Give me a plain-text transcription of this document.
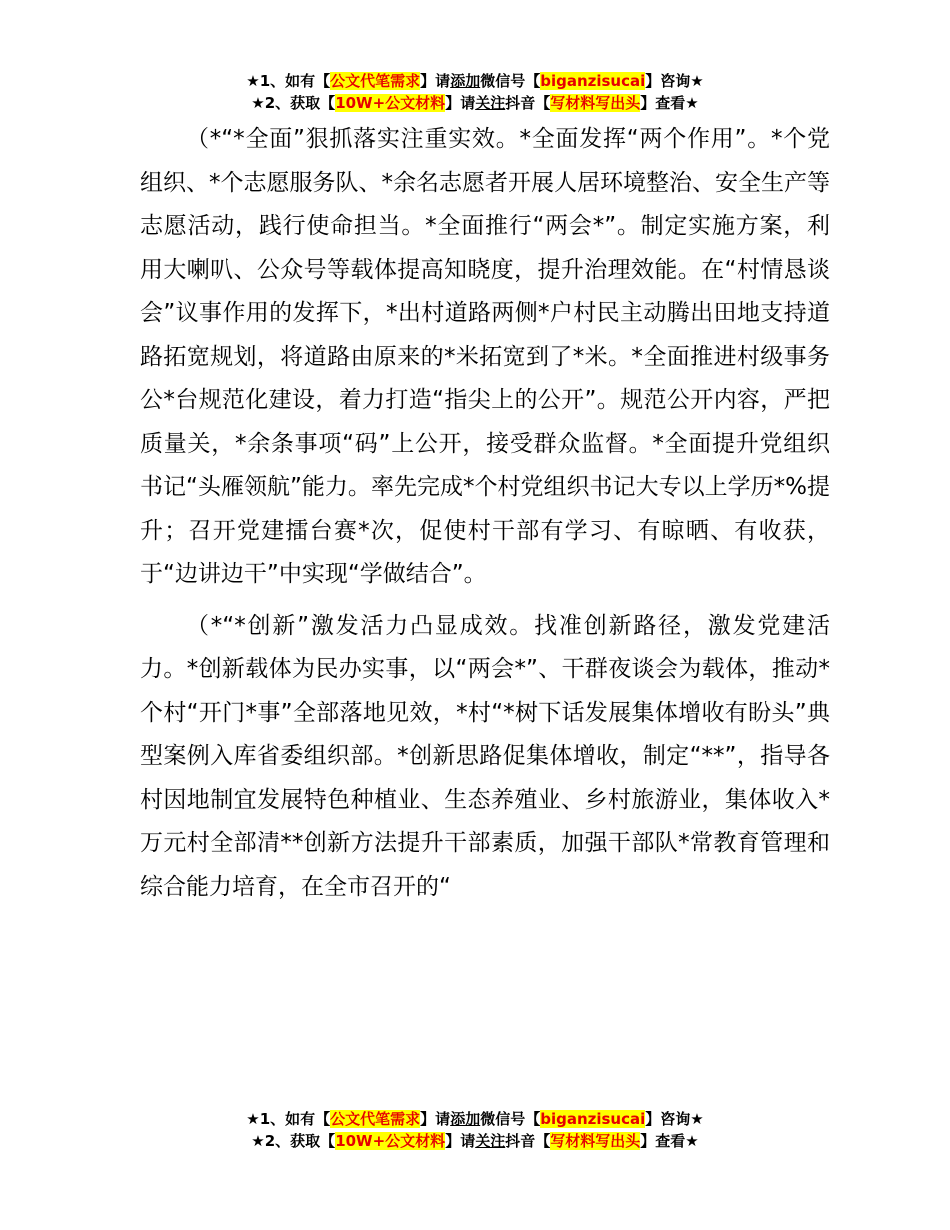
★1、如有【公文代笔需求】请添加微信号【biganzisucai】咨询★
★2、获取【10W+公文材料】请关注抖音【写材料写出头】查看★

（*“*全面”狠抓落实注重实效。*全面发挥“两个作用”。*个党组织、*个志愿服务队、*余名志愿者开展人居环境整治、安全生产等志愿活动，践行使命担当。*全面推行“两会*”。制定实施方案，利用大喇叭、公众号等载体提高知晓度，提升治理效能。在“村情恳谈会”议事作用的发挥下，*出村道路两侧*户村民主动腾出田地支持道路拓宽规划，将道路由原来的*米拓宽到了*米。*全面推进村级事务公*台规范化建设，着力打造“指尖上的公开”。规范公开内容，严把质量关，*余条事项“码”上公开，接受群众监督。*全面提升党组织书记“头雁领航”能力。率先完成*个村党组织书记大专以上学历*%提升；召开党建擂台赛*次，促使村干部有学习、有晾晒、有收获，于“边讲边干”中实现“学做结合”。

（*“*创新”激发活力凸显成效。找准创新路径，激发党建活力。*创新载体为民办实事，以“两会*”、干群夜谈会为载体，推动*个村“开门*事”全部落地见效，*村“*树下话发展集体增收有盼头”典型案例入库省委组织部。*创新思路促集体增收，制定“**”，指导各村因地制宜发展特色种植业、生态养殖业、乡村旅游业，集体收入*万元村全部清**创新方法提升干部素质，加强干部队*常教育管理和综合能力培育，在全市召开的“

★1、如有【公文代笔需求】请添加微信号【biganzisucai】咨询★
★2、获取【10W+公文材料】请关注抖音【写材料写出头】查看★
